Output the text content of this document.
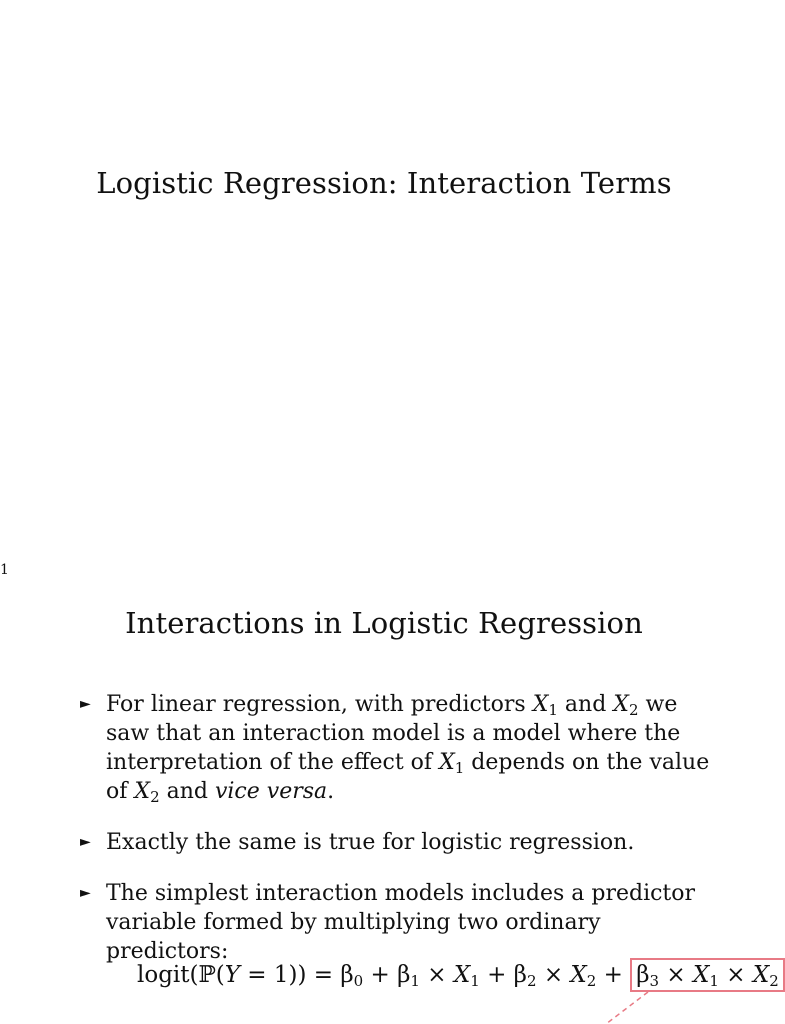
Logistic Regression: Interaction Terms
1
Interactions in Logistic Regression
► For linear regression, with predictors $X_1$ and $X_2$ we saw that an interaction model is a model where the interpretation of the effect of $X_1$ depends on the value of $X_2$ and vice versa.
► Exactly the same is true for logistic regression.
► The simplest interaction models includes a predictor variable formed by multiplying two ordinary predictors:
logit(ℙ(Y = $1)) = \beta_0 + \beta_1 \times X_1 + \beta_2 \times X_2 + \beta_3 \times X_1 \times X_2$
